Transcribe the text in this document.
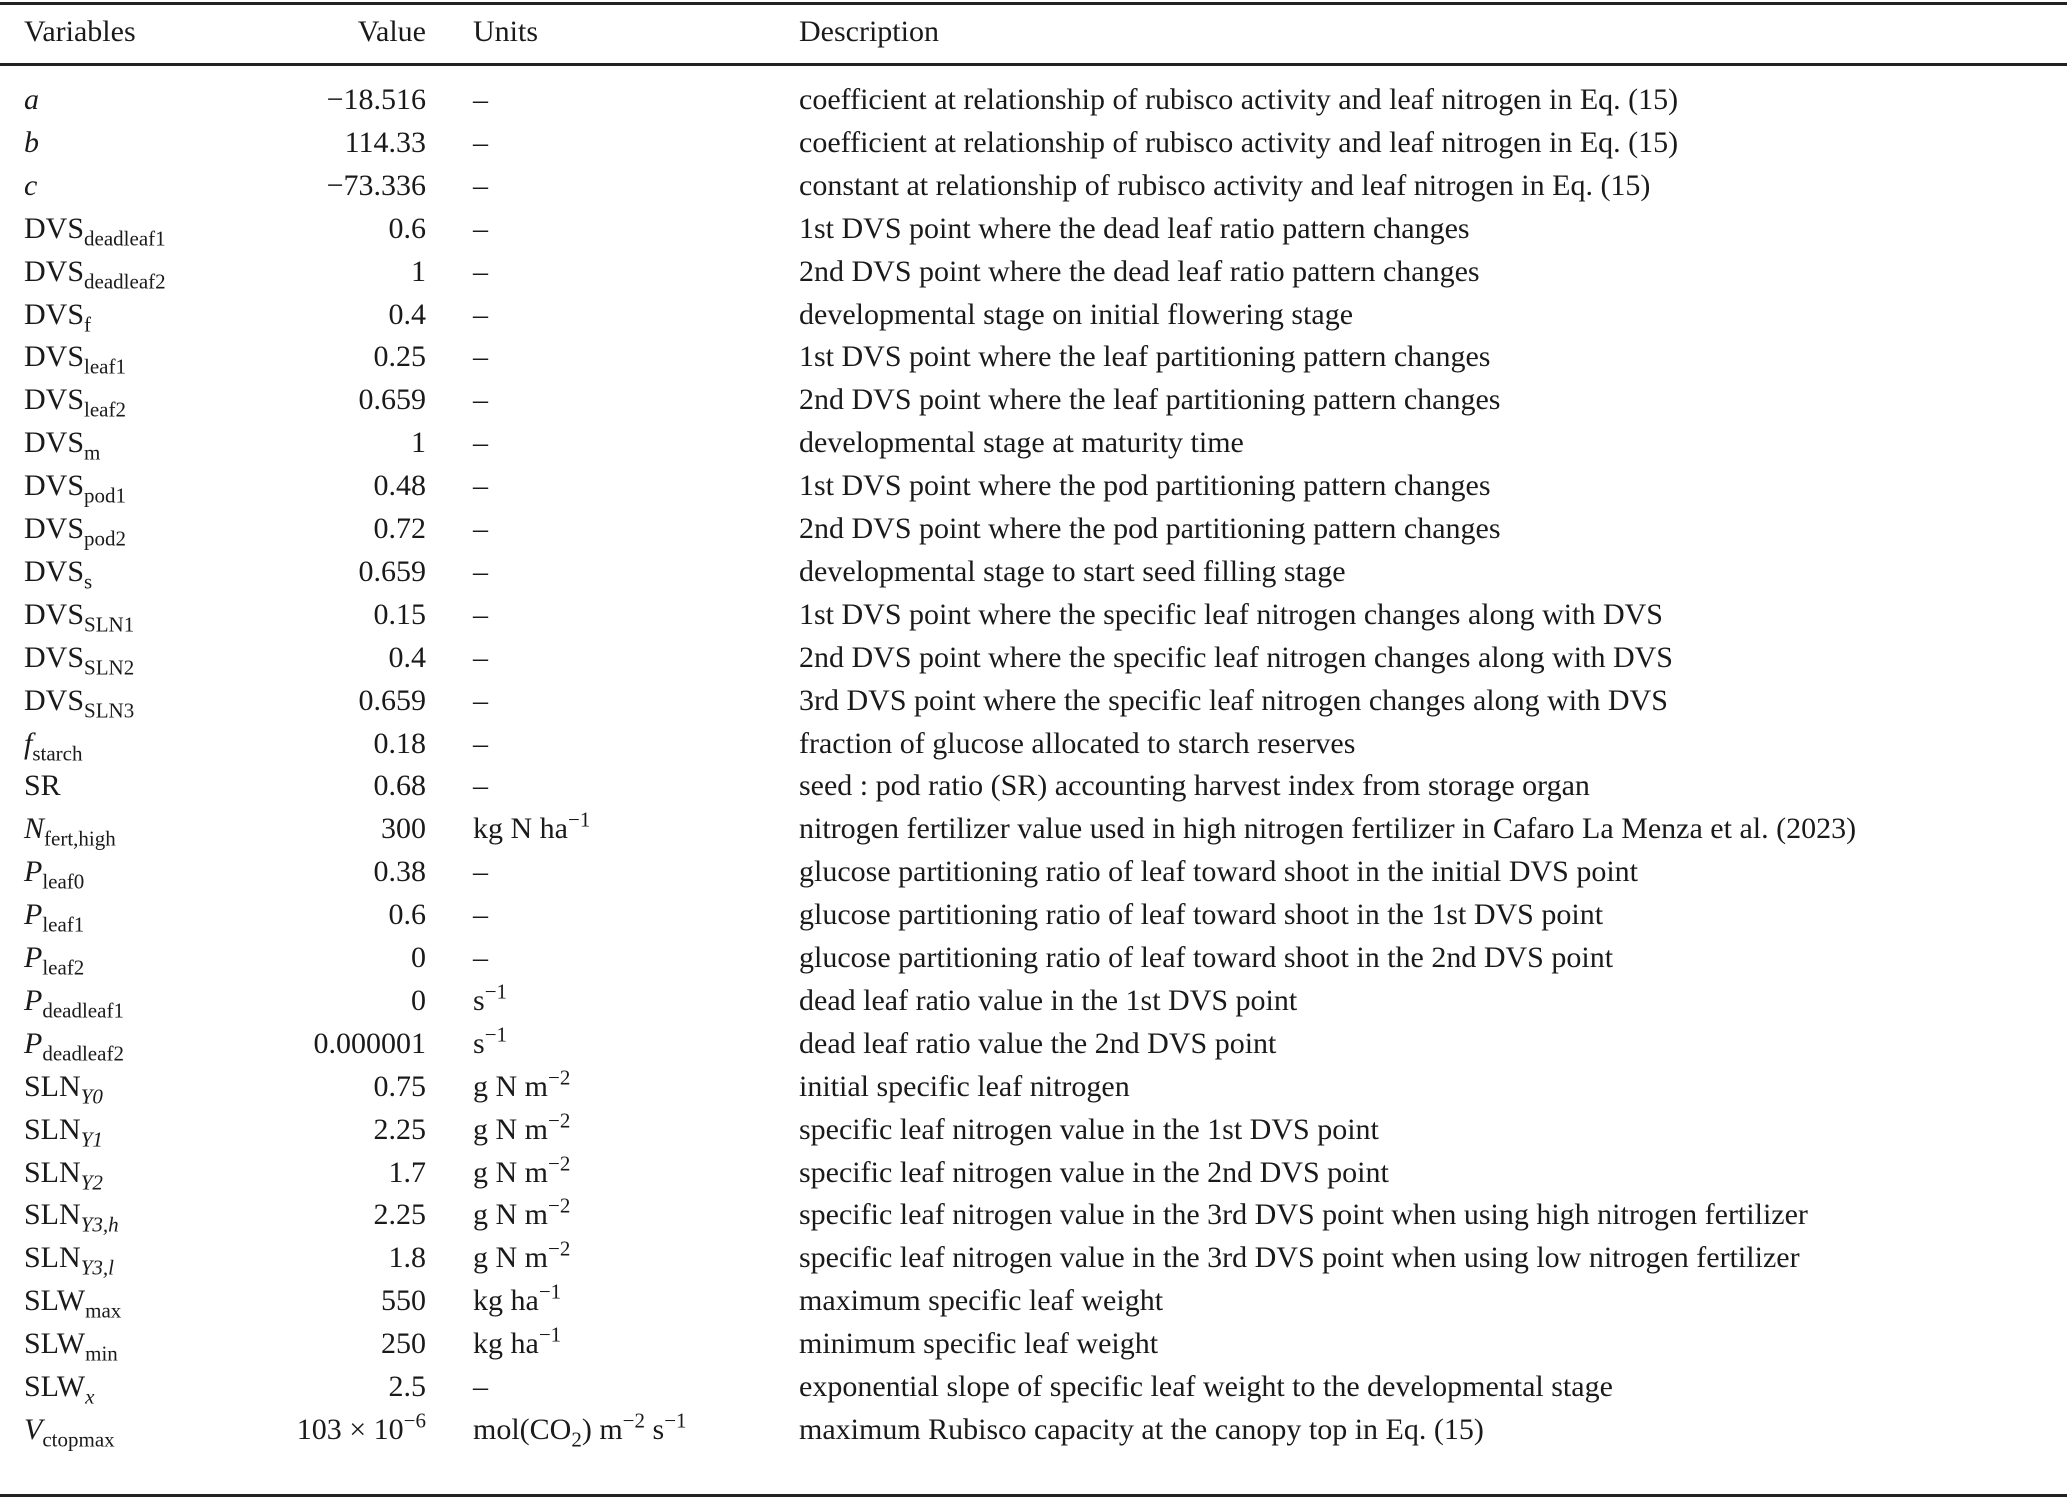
Variables	Value Units	Description
a	−18.516 –	coefficient at relationship of rubisco activity and leaf nitrogen in Eq. (15)
b	114.33 –	coefficient at relationship of rubisco activity and leaf nitrogen in Eq. (15)
c	−73.336 –	constant at relationship of rubisco activity and leaf nitrogen in Eq. (15)
$DVS_{deadleaf1}$	0.6 –	1st DVS point where the dead leaf ratio pattern changes
$DVS_{deadleaf2}$	1 –	2nd DVS point where the dead leaf ratio pattern changes
$DVS_f$	0.4 –	developmental stage on initial flowering stage
$DVS_{leaf1}$	0.25 –	1st DVS point where the leaf partitioning pattern changes
$DVS_{leaf2}$	0.659 –	2nd DVS point where the leaf partitioning pattern changes
$DVS_m$	1 –	developmental stage at maturity time
$DVS_{pod1}$	0.48 –	1st DVS point where the pod partitioning pattern changes
$DVS_{pod2}$	0.72 –	2nd DVS point where the pod partitioning pattern changes
$DVS_s$	0.659 –	developmental stage to start seed filling stage
$DVS_{SLN1}$	0.15 –	1st DVS point where the specific leaf nitrogen changes along with DVS
$DVS_{SLN2}$	0.4 –	2nd DVS point where the specific leaf nitrogen changes along with DVS
$DVS_{SLN3}$	0.659 –	3rd DVS point where the specific leaf nitrogen changes along with DVS
$f_{starch}$	0.18 –	fraction of glucose allocated to starch reserves
SR	0.68 –	seed : pod ratio (SR) accounting harvest index from storage organ
$N_{fert,high}$	300 kg N $ha^{-1}$	nitrogen fertilizer value used in high nitrogen fertilizer in Cafaro La Menza et al. (2023)
$P_{leaf0}$	0.38 –	glucose partitioning ratio of leaf toward shoot in the initial DVS point
$P_{leaf1}$	0.6 –	glucose partitioning ratio of leaf toward shoot in the 1st DVS point
$P_{leaf2}$	0 –	glucose partitioning ratio of leaf toward shoot in the 2nd DVS point
$P_{deadleaf1}$	0 $s^{-1}$	dead leaf ratio value in the 1st DVS point
$P_{deadleaf2}$	0.000001 $s^{-1}$	dead leaf ratio value the 2nd DVS point
$SLN_{Y0}$	0.75 g N $m^{-2}$	initial specific leaf nitrogen
$SLN_{Y1}$	2.25 g N $m^{-2}$	specific leaf nitrogen value in the 1st DVS point
$SLN_{Y2}$	1.7 g N $m^{-2}$	specific leaf nitrogen value in the 2nd DVS point
$SLN_{Y3,h}$	2.25 g N $m^{-2}$	specific leaf nitrogen value in the 3rd DVS point when using high nitrogen fertilizer
$SLN_{Y3,l}$	1.8 g N $m^{-2}$	specific leaf nitrogen value in the 3rd DVS point when using low nitrogen fertilizer
$SLW_{max}$	550 kg $ha^{-1}$	maximum specific leaf weight
$SLW_{min}$	250 kg $ha^{-1}$	minimum specific leaf weight
$SLW_x$	2.5 –	exponential slope of specific leaf weight to the developmental stage
$V_{ctopmax}$	$103 \times 10^{-6}$ $mol(CO_2)$ $m^{-2}$ $s^{-1}$	maximum Rubisco capacity at the canopy top in Eq. (15)
